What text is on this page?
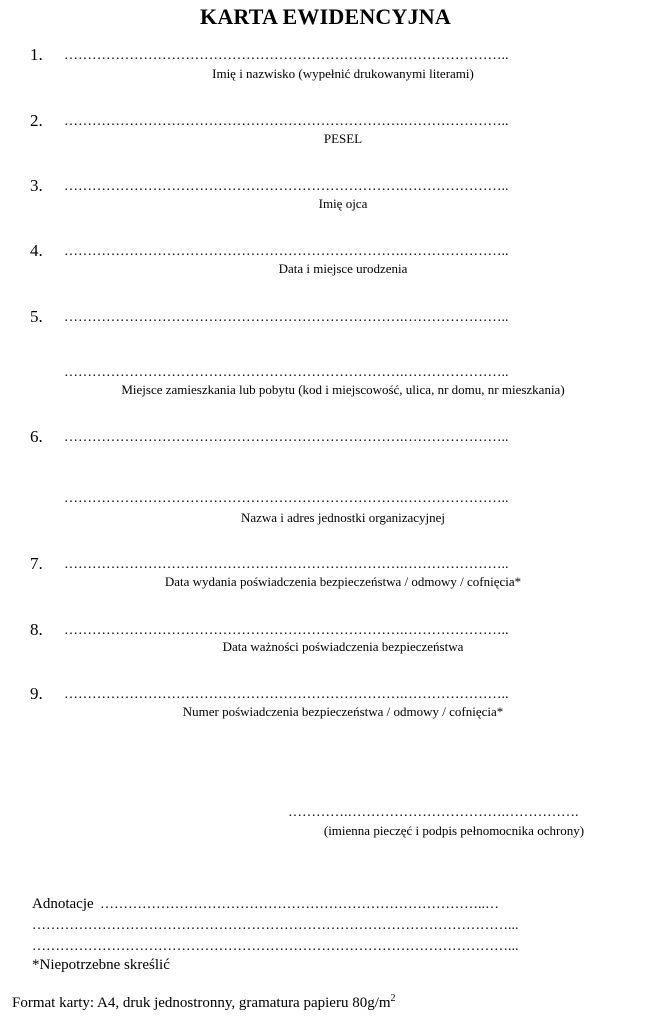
KARTA EWIDENCYJNA
1. ……………………………………………………………….…………………..
Imię i nazwisko (wypełnić drukowanymi literami)
2. ……………………………………………………………….…………………..
PESEL
3. ……………………………………………………………….…………………..
Imię ojca
4. ……………………………………………………………….…………………..
Data i miejsce urodzenia
5. ……………………………………………………………….…………………..
……………………………………………………………….…………………..
Miejsce zamieszkania lub pobytu (kod i miejscowość, ulica, nr domu, nr mieszkania)
6. ……………………………………………………………….…………………..
……………………………………………………………….…………………..
Nazwa i adres jednostki organizacyjnej
7. ……………………………………………………………….…………………..
Data wydania poświadczenia bezpieczeństwa / odmowy / cofnięcia*
8. ……………………………………………………………….…………………..
Data ważności poświadczenia bezpieczeństwa
9. ……………………………………………………………….…………………..
Numer poświadczenia bezpieczeństwa / odmowy / cofnięcia*
………….…………………………….…………….
(imienna pieczęć i podpis pełnomocnika ochrony)
Adnotacje ………………………………………………………………………..…
…………………………………………………………………………………………...
…………………………………………………………………………………………...
*Niepotrzebne skreślić
Format karty: A4, druk jednostronny, gramatura papieru $80g/m^2$
